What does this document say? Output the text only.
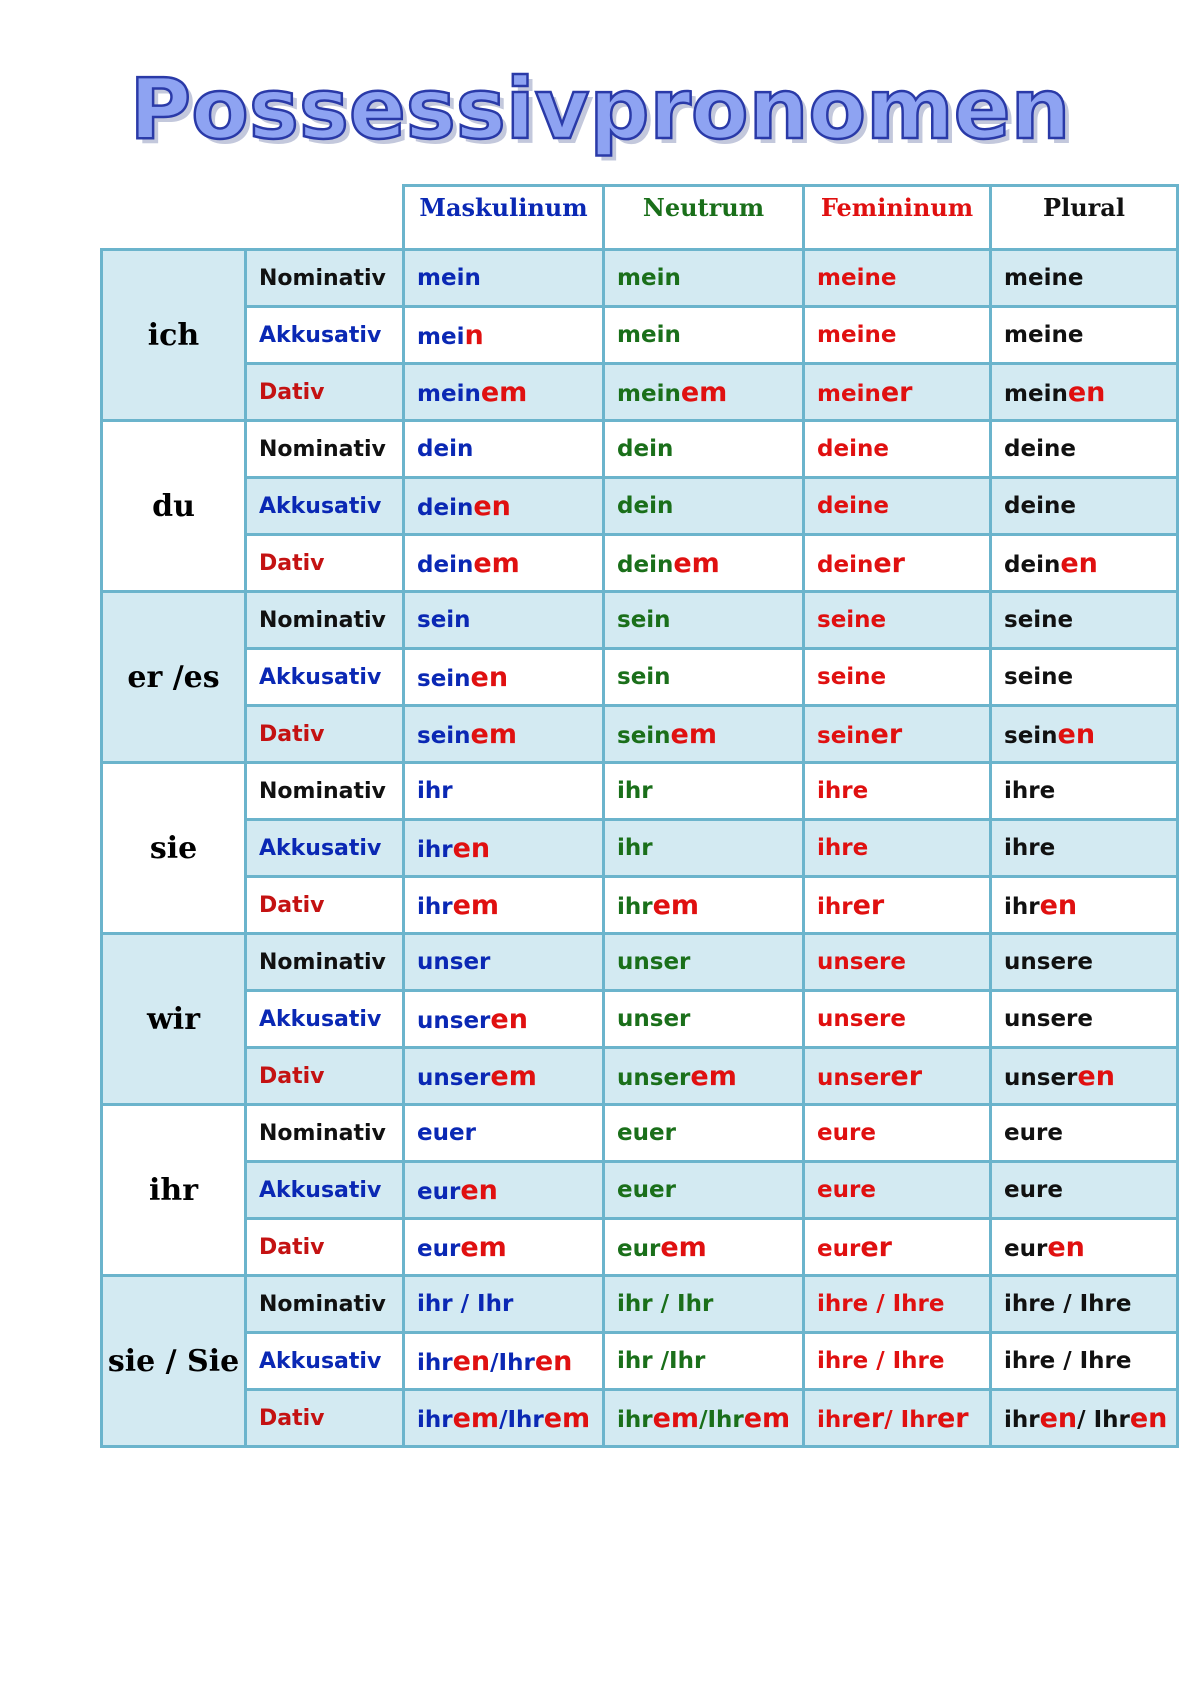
Possessivpronomen
		Maskulinum	Neutrum	Femininum	Plural
ich	Nominativ	mein	mein	meine	meine
	Akkusativ	mein	mein	meine	meine
	Dativ	meinem	meinem	meiner	meinen
du	Nominativ	dein	dein	deine	deine
	Akkusativ	deinen	dein	deine	deine
	Dativ	deinem	deinem	deiner	deinen
er /es	Nominativ	sein	sein	seine	seine
	Akkusativ	seinen	sein	seine	seine
	Dativ	seinem	seinem	seiner	seinen
sie	Nominativ	ihr	ihr	ihre	ihre
	Akkusativ	ihren	ihr	ihre	ihre
	Dativ	ihrem	ihrem	ihrer	ihren
wir	Nominativ	unser	unser	unsere	unsere
	Akkusativ	unseren	unser	unsere	unsere
	Dativ	unserem	unserem	unserer	unseren
ihr	Nominativ	euer	euer	eure	eure
	Akkusativ	euren	euer	eure	eure
	Dativ	eurem	eurem	eurer	euren
sie / Sie	Nominativ	ihr / Ihr	ihr / Ihr	ihre / Ihre	ihre / Ihre
	Akkusativ	ihren/Ihren	ihr /Ihr	ihre / Ihre	ihre / Ihre
	Dativ	ihrem/Ihrem	ihrem/Ihrem	ihrer/ Ihrer	ihren/ Ihren
